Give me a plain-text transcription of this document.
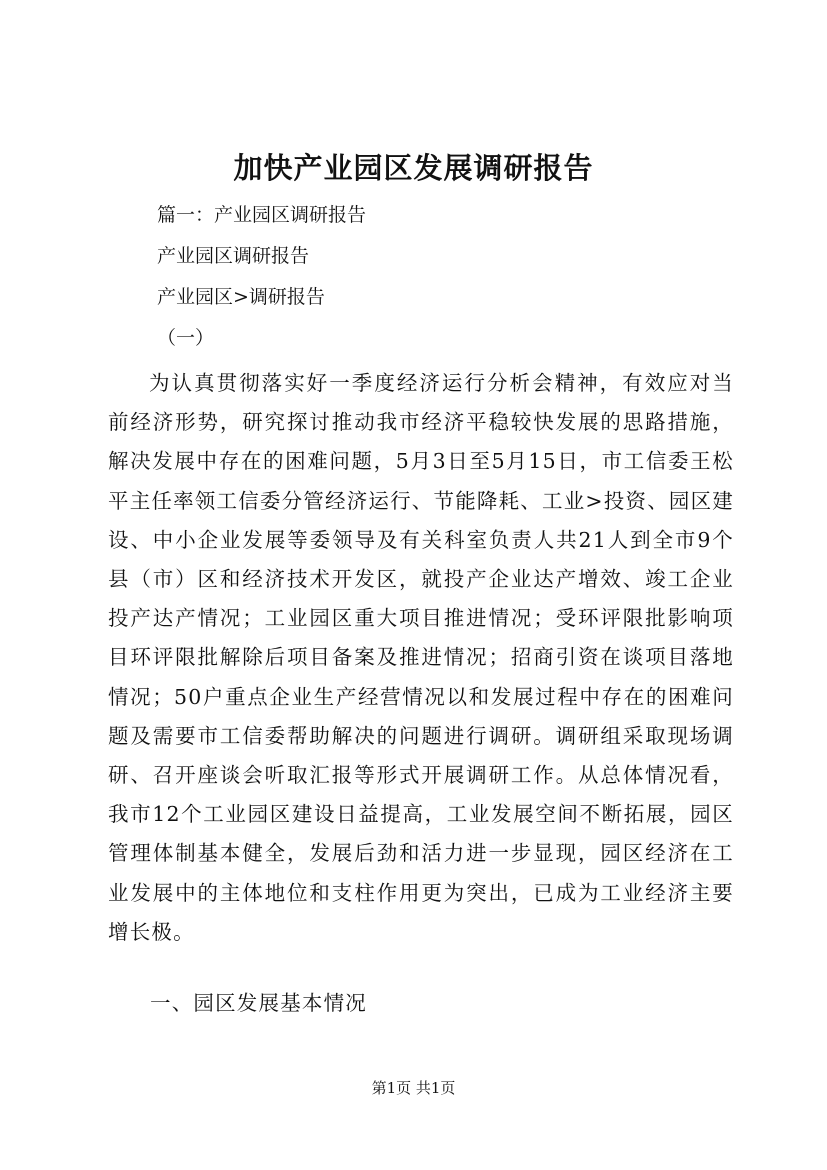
加快产业园区发展调研报告
篇一：产业园区调研报告
产业园区调研报告
产业园区>调研报告
（一）

为认真贯彻落实好一季度经济运行分析会精神，有效应对当前经济形势，研究探讨推动我市经济平稳较快发展的思路措施，解决发展中存在的困难问题，5月3日至5月15日，市工信委王松平主任率领工信委分管经济运行、节能降耗、工业>投资、园区建设、中小企业发展等委领导及有关科室负责人共21人到全市9个县（市）区和经济技术开发区，就投产企业达产增效、竣工企业投产达产情况；工业园区重大项目推进情况；受环评限批影响项目环评限批解除后项目备案及推进情况；招商引资在谈项目落地情况；50户重点企业生产经营情况以和发展过程中存在的困难问题及需要市工信委帮助解决的问题进行调研。调研组采取现场调研、召开座谈会听取汇报等形式开展调研工作。从总体情况看，我市12个工业园区建设日益提高，工业发展空间不断拓展，园区管理体制基本健全，发展后劲和活力进一步显现，园区经济在工业发展中的主体地位和支柱作用更为突出，已成为工业经济主要增长极。

一、园区发展基本情况
第1页 共1页
